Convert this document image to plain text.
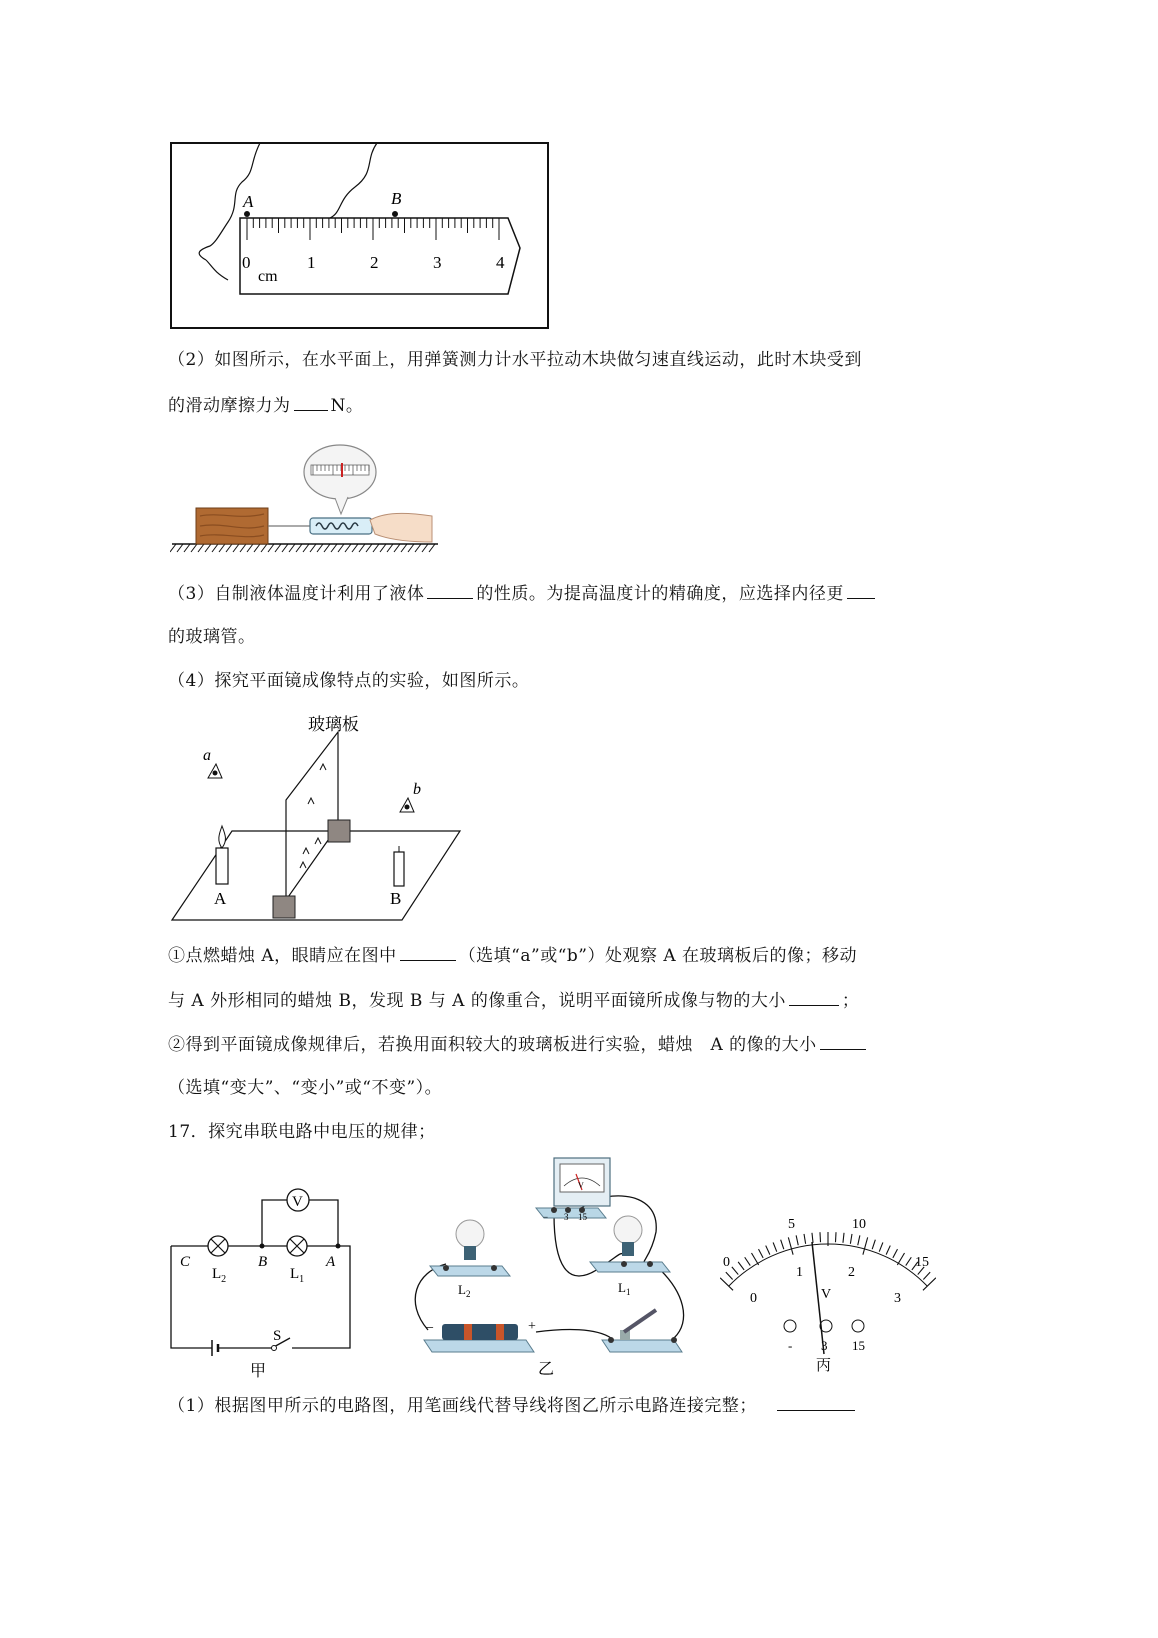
A	B
0	1	2	3	4
cm
（2）如图所示，在水平面上，用弹簧测力计水平拉动木块做匀速直线运动，此时木块受到
的滑动摩擦力为 N。
（3）自制液体温度计利用了液体	的性质。为提高温度计的精确度，应选择内径更
的玻璃管。
（4）探究平面镜成像特点的实验，如图所示。
玻璃板
A	B
a
b
①点燃蜡烛 A，眼睛应在图中	（选填“a”或“b”）处观察 A 在玻璃板后的像；移动
与 A 外形相同的蜡烛 B，发现 B 与 A 的像重合，说明平面镜所成像与物的大小	；
②得到平面镜成像规律后，若换用面积较大的玻璃板进行实验，蜡烛　A 的像的大小
（选填“变大”、“变小”或“不变”）。
17．探究串联电路中电压的规律；
S
V
C	B	A
$L_2$	$L_1$
甲
V
− 3 15
$L_2$	$L_1$
−	+
乙
0
5	10
15
0
1	2
3
V
- 3 15
丙
（1）根据图甲所示的电路图，用笔画线代替导线将图乙所示电路连接完整；
